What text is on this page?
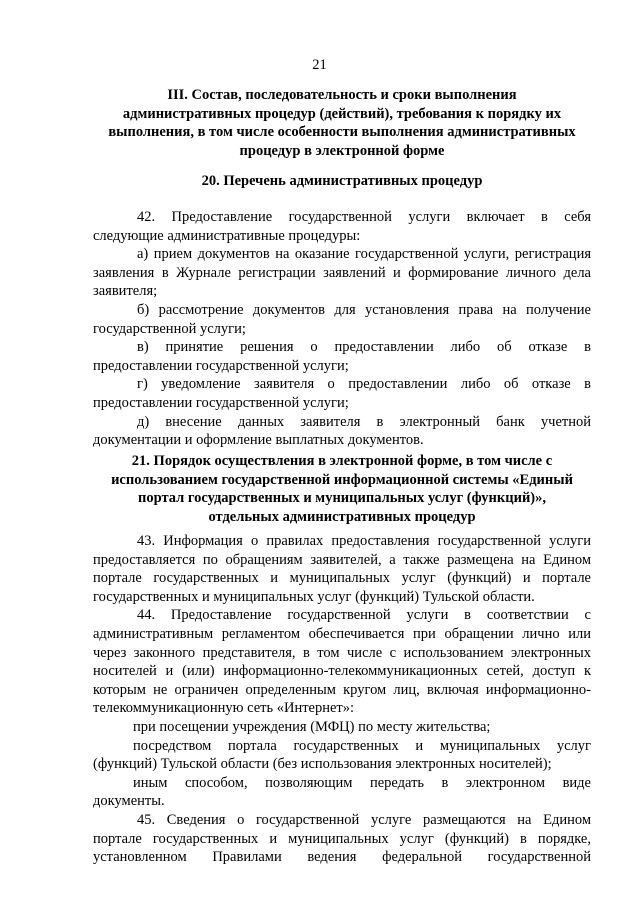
21
III. Состав, последовательность и сроки выполнения
административных процедур (действий), требования к порядку их
выполнения, в том числе особенности выполнения административных
процедур в электронной форме
20. Перечень административных процедур
42. Предоставление государственной услуги включает в себя
следующие административные процедуры:
а) прием документов на оказание государственной услуги, регистрация
заявления в Журнале регистрации заявлений и формирование личного дела
заявителя;
б) рассмотрение документов для установления права на получение
государственной услуги;
в) принятие решения о предоставлении либо об отказе в
предоставлении государственной услуги;
г) уведомление заявителя о предоставлении либо об отказе в
предоставлении государственной услуги;
д) внесение данных заявителя в электронный банк учетной
документации и оформление выплатных документов.
21. Порядок осуществления в электронной форме, в том числе с
использованием государственной информационной системы «Единый
портал государственных и муниципальных услуг (функций)»,
отдельных административных процедур
43. Информация о правилах предоставления государственной услуги
предоставляется по обращениям заявителей, а также размещена на Едином
портале государственных и муниципальных услуг (функций) и портале
государственных и муниципальных услуг (функций) Тульской области.
44. Предоставление государственной услуги в соответствии с
административным регламентом обеспечивается при обращении лично или
через законного представителя, в том числе с использованием электронных
носителей и (или) информационно-телекоммуникационных сетей, доступ к
которым не ограничен определенным кругом лиц, включая информационно-
телекоммуникационную сеть «Интернет»:
при посещении учреждения (МФЦ) по месту жительства;
посредством портала государственных и муниципальных услуг
(функций) Тульской области (без использования электронных носителей);
иным способом, позволяющим передать в электронном виде
документы.
45. Сведения о государственной услуге размещаются на Едином
портале государственных и муниципальных услуг (функций) в порядке,
установленном Правилами ведения федеральной государственной
